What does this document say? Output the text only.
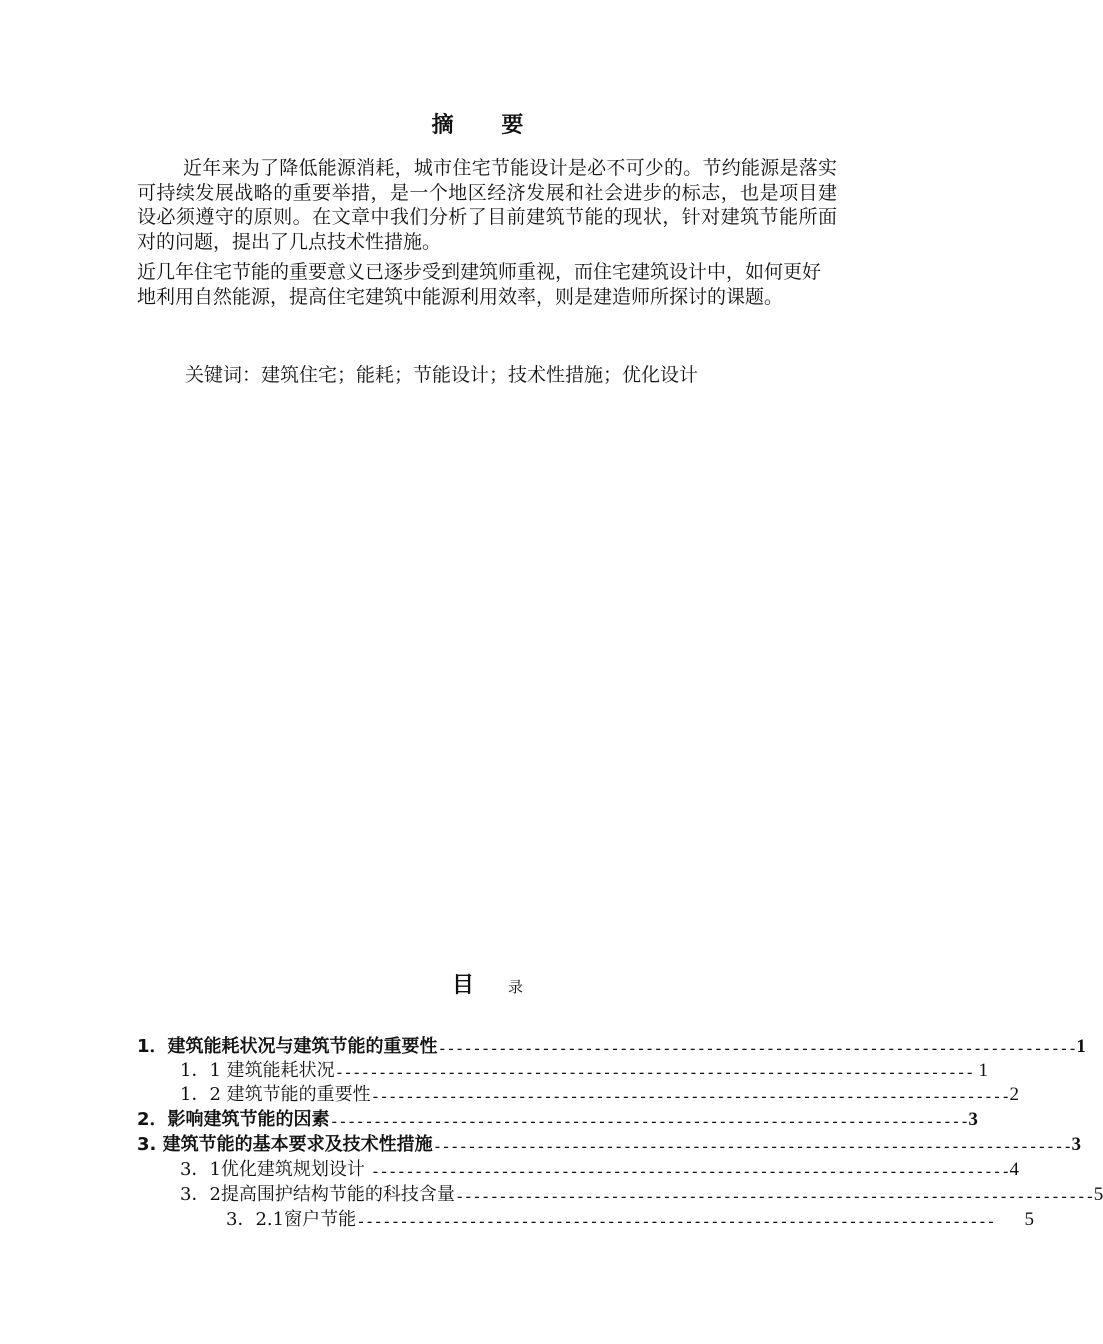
摘 要
近年来为了降低能源消耗，城市住宅节能设计是必不可少的。节约能源是落实可持续发展战略的重要举措，是一个地区经济发展和社会进步的标志，也是项目建设必须遵守的原则。在文章中我们分析了目前建筑节能的现状，针对建筑节能所面对的问题，提出了几点技术性措施。
近几年住宅节能的重要意义已逐步受到建筑师重视，而住宅建筑设计中，如何更好地利用自然能源，提高住宅建筑中能源利用效率，则是建造师所探讨的课题。
关键词：建筑住宅；能耗；节能设计；技术性措施；优化设计
目 录
1．建筑能耗状况与建筑节能的重要性 -------------------------------------------------------------------------- 1
1．1 建筑能耗状况 -------------------------------------------------------------------------- 1
1．2 建筑节能的重要性 -------------------------------------------------------------------------- 2
2．影响建筑节能的因素 -------------------------------------------------------------------------- 3
3. 建筑节能的基本要求及技术性措施 -------------------------------------------------------------------------- 3
3．1优化建筑规划设计 -------------------------------------------------------------------------- 4
3．2提高围护结构节能的科技含量 -------------------------------------------------------------------------- 5
3．2.1窗户节能 --------------------------------------------------------------------------	5
